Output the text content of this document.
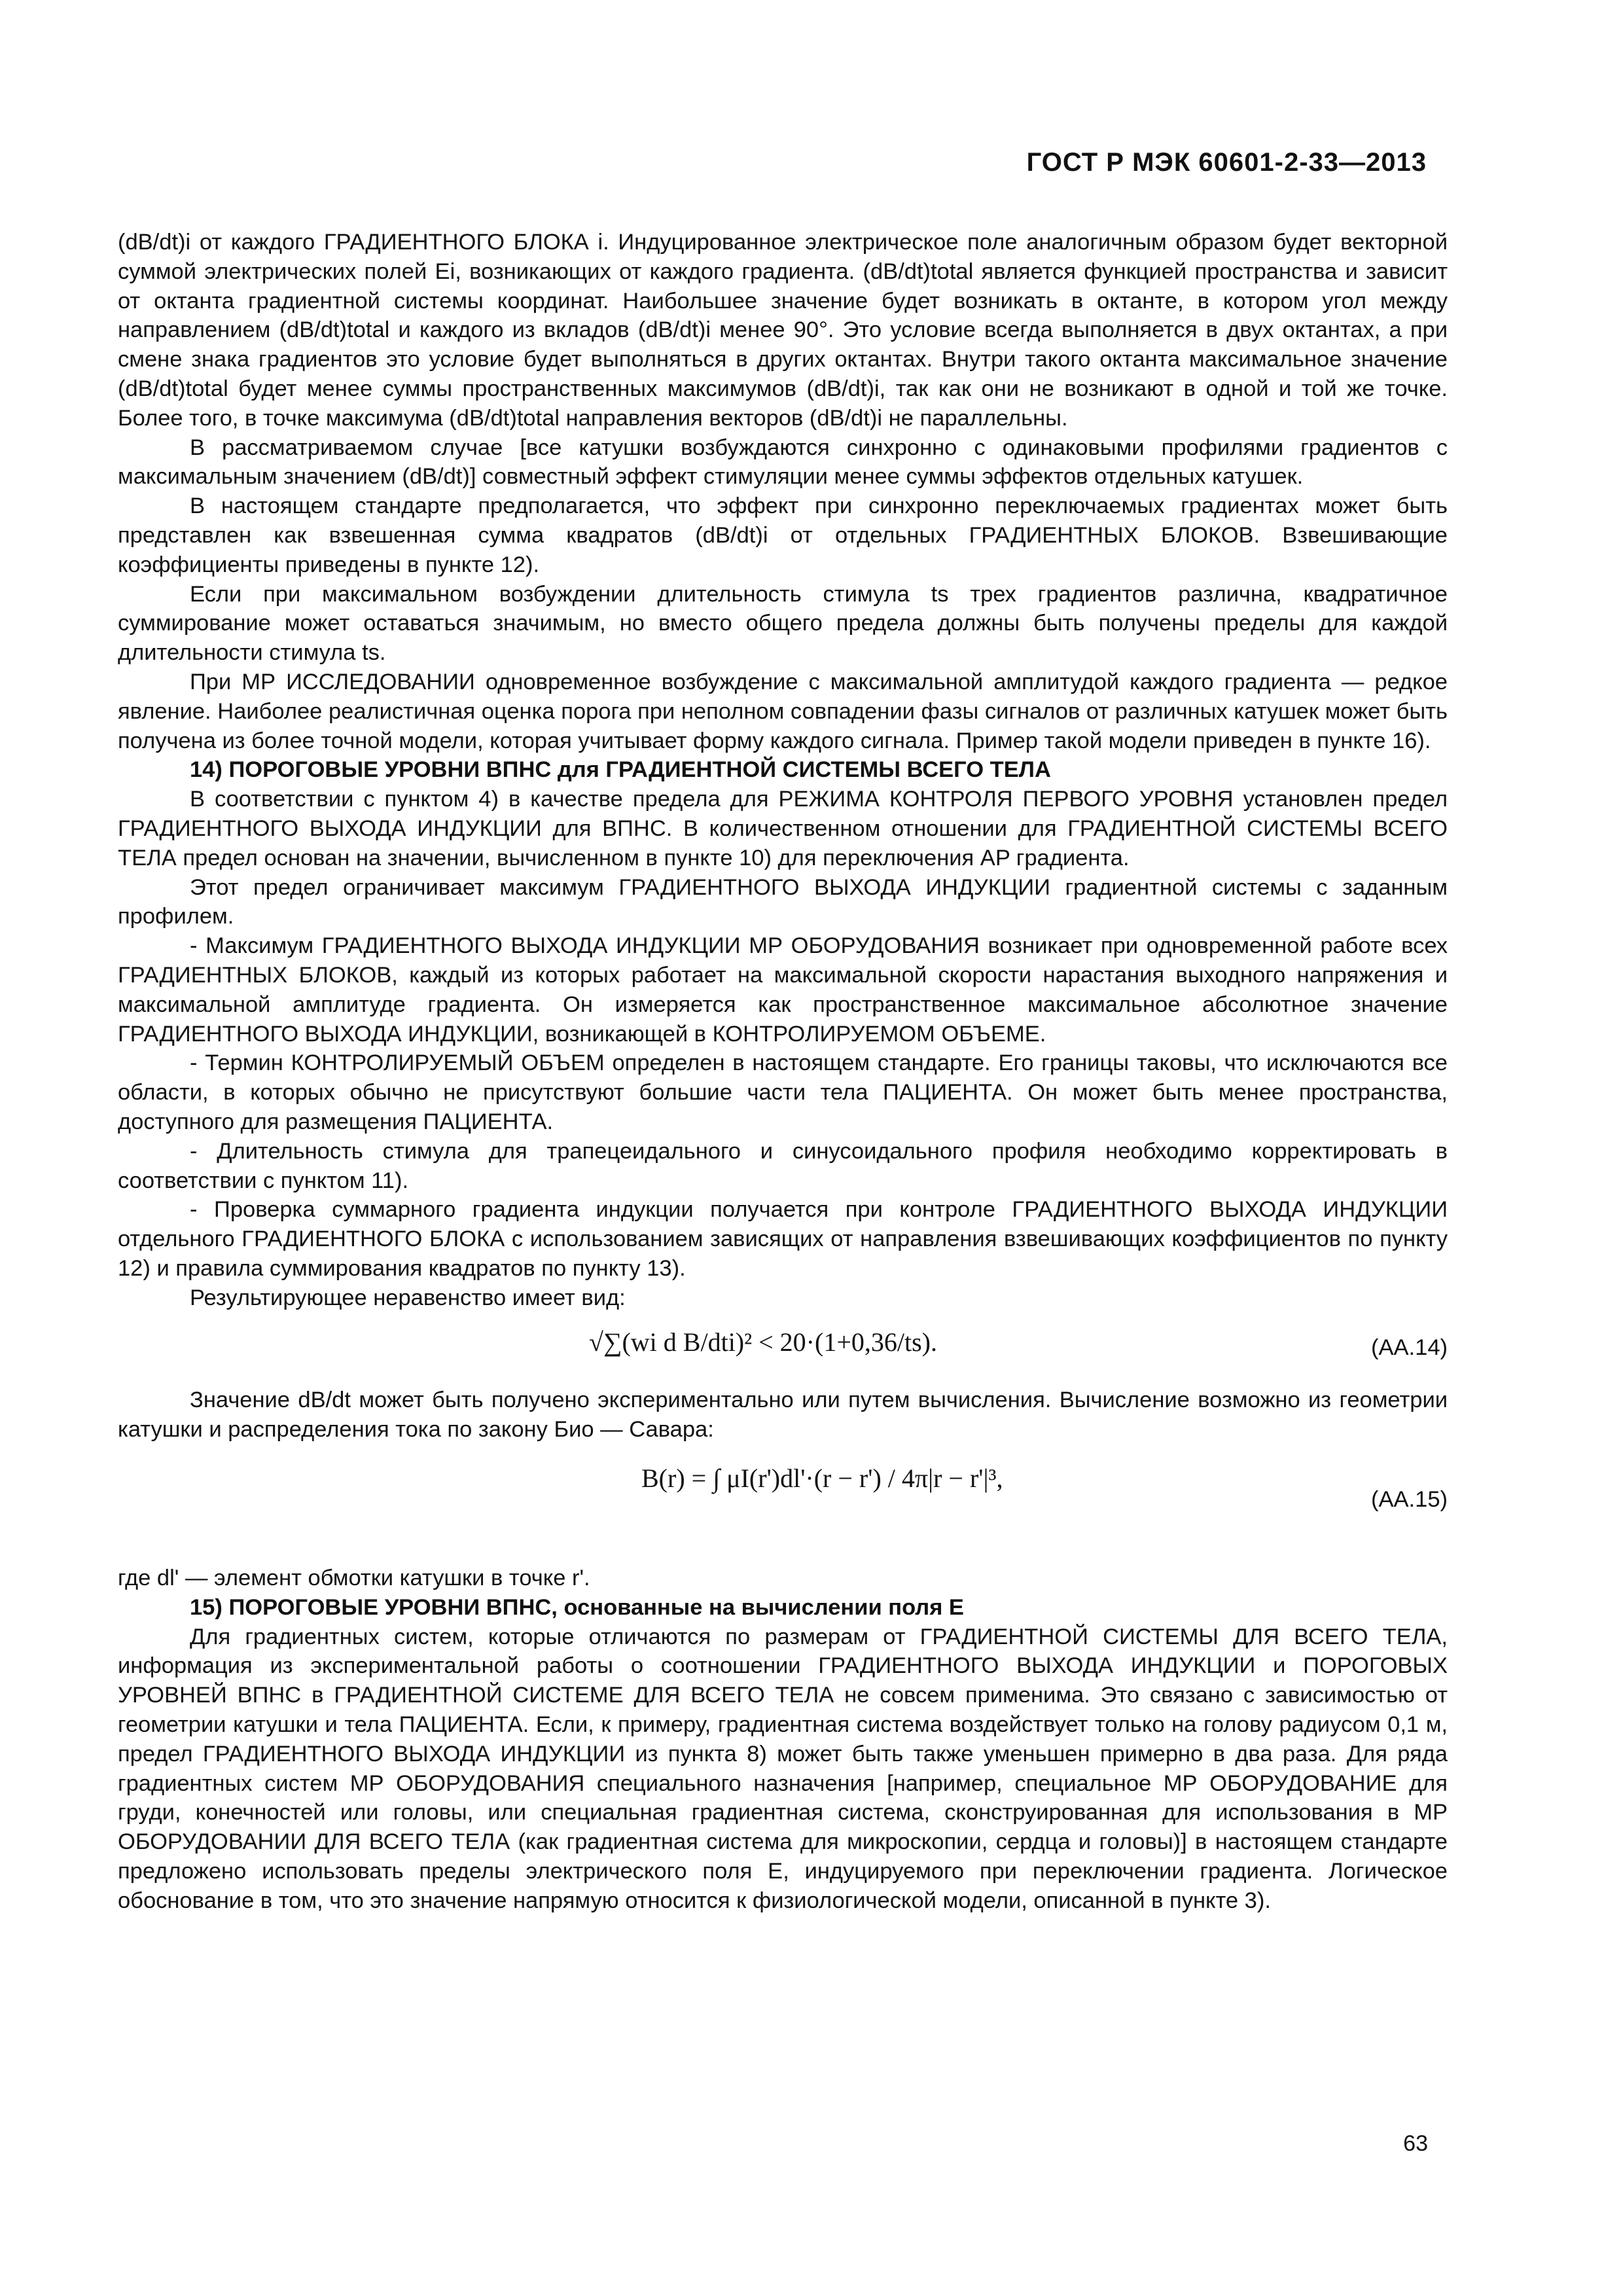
ГОСТ Р МЭК 60601-2-33—2013

(dB/dt)i от каждого ГРАДИЕНТНОГО БЛОКА i. Индуцированное электрическое поле аналогичным образом будет векторной суммой электрических полей Ei, возникающих от каждого градиента. (dB/dt)total является функцией пространства и зависит от октанта градиентной системы координат. Наибольшее значение будет возникать в октанте, в котором угол между направлением (dB/dt)total и каждого из вкладов (dB/dt)i менее 90°. Это условие всегда выполняется в двух октантах, а при смене знака градиентов это условие будет выполняться в других октантах. Внутри такого октанта максимальное значение (dB/dt)total будет менее суммы пространственных максимумов (dB/dt)i, так как они не возникают в одной и той же точке. Более того, в точке максимума (dB/dt)total направления векторов (dB/dt)i не параллельны.

В рассматриваемом случае [все катушки возбуждаются синхронно с одинаковыми профилями градиентов с максимальным значением (dB/dt)] совместный эффект стимуляции менее суммы эффектов отдельных катушек.

В настоящем стандарте предполагается, что эффект при синхронно переключаемых градиентах может быть представлен как взвешенная сумма квадратов (dB/dt)i от отдельных ГРАДИЕНТНЫХ БЛОКОВ. Взвешивающие коэффициенты приведены в пункте 12).

Если при максимальном возбуждении длительность стимула ts трех градиентов различна, квадратичное суммирование может оставаться значимым, но вместо общего предела должны быть получены пределы для каждой длительности стимула ts.

При МР ИССЛЕДОВАНИИ одновременное возбуждение с максимальной амплитудой каждого градиента — редкое явление. Наиболее реалистичная оценка порога при неполном совпадении фазы сигналов от различных катушек может быть получена из более точной модели, которая учитывает форму каждого сигнала. Пример такой модели приведен в пункте 16).

14) ПОРОГОВЫЕ УРОВНИ ВПНС для ГРАДИЕНТНОЙ СИСТЕМЫ ВСЕГО ТЕЛА

В соответствии с пунктом 4) в качестве предела для РЕЖИМА КОНТРОЛЯ ПЕРВОГО УРОВНЯ установлен предел ГРАДИЕНТНОГО ВЫХОДА ИНДУКЦИИ для ВПНС. В количественном отношении для ГРАДИЕНТНОЙ СИСТЕМЫ ВСЕГО ТЕЛА предел основан на значении, вычисленном в пункте 10) для переключения AP градиента.

Этот предел ограничивает максимум ГРАДИЕНТНОГО ВЫХОДА ИНДУКЦИИ градиентной системы с заданным профилем.

- Максимум ГРАДИЕНТНОГО ВЫХОДА ИНДУКЦИИ МР ОБОРУДОВАНИЯ возникает при одновременной работе всех ГРАДИЕНТНЫХ БЛОКОВ, каждый из которых работает на максимальной скорости нарастания выходного напряжения и максимальной амплитуде градиента. Он измеряется как пространственное максимальное абсолютное значение ГРАДИЕНТНОГО ВЫХОДА ИНДУКЦИИ, возникающей в КОНТРОЛИРУЕМОМ ОБЪЕМЕ.

- Термин КОНТРОЛИРУЕМЫЙ ОБЪЕМ определен в настоящем стандарте. Его границы таковы, что исключаются все области, в которых обычно не присутствуют большие части тела ПАЦИЕНТА. Он может быть менее пространства, доступного для размещения ПАЦИЕНТА.

- Длительность стимула для трапецеидального и синусоидального профиля необходимо корректировать в соответствии с пунктом 11).

- Проверка суммарного градиента индукции получается при контроле ГРАДИЕНТНОГО ВЫХОДА ИНДУКЦИИ отдельного ГРАДИЕНТНОГО БЛОКА с использованием зависящих от направления взвешивающих коэффициентов по пункту 12) и правила суммирования квадратов по пункту 13).

Результирующее неравенство имеет вид:

√∑(wi d B/dti)² < 20·(1+0,36/ts).	(AA.14)

Значение dB/dt может быть получено экспериментально или путем вычисления. Вычисление возможно из геометрии катушки и распределения тока по закону Био — Савара:

B(r) = ∫ μI(r')dl'·(r − r') / 4π|r − r'|³,
(AA.15)

где dl' — элемент обмотки катушки в точке r'.

15) ПОРОГОВЫЕ УРОВНИ ВПНС, основанные на вычислении поля E

Для градиентных систем, которые отличаются по размерам от ГРАДИЕНТНОЙ СИСТЕМЫ ДЛЯ ВСЕГО ТЕЛА, информация из экспериментальной работы о соотношении ГРАДИЕНТНОГО ВЫХОДА ИНДУКЦИИ и ПОРОГОВЫХ УРОВНЕЙ ВПНС в ГРАДИЕНТНОЙ СИСТЕМЕ ДЛЯ ВСЕГО ТЕЛА не совсем применима. Это связано с зависимостью от геометрии катушки и тела ПАЦИЕНТА. Если, к примеру, градиентная система воздействует только на голову радиусом 0,1 м, предел ГРАДИЕНТНОГО ВЫХОДА ИНДУКЦИИ из пункта 8) может быть также уменьшен примерно в два раза. Для ряда градиентных систем МР ОБОРУДОВАНИЯ специального назначения [например, специальное МР ОБОРУДОВАНИЕ для груди, конечностей или головы, или специальная градиентная система, сконструированная для использования в МР ОБОРУДОВАНИИ ДЛЯ ВСЕГО ТЕЛА (как градиентная система для микроскопии, сердца и головы)] в настоящем стандарте предложено использовать пределы электрического поля E, индуцируемого при переключении градиента. Логическое обоснование в том, что это значение напрямую относится к физиологической модели, описанной в пункте 3).

63
